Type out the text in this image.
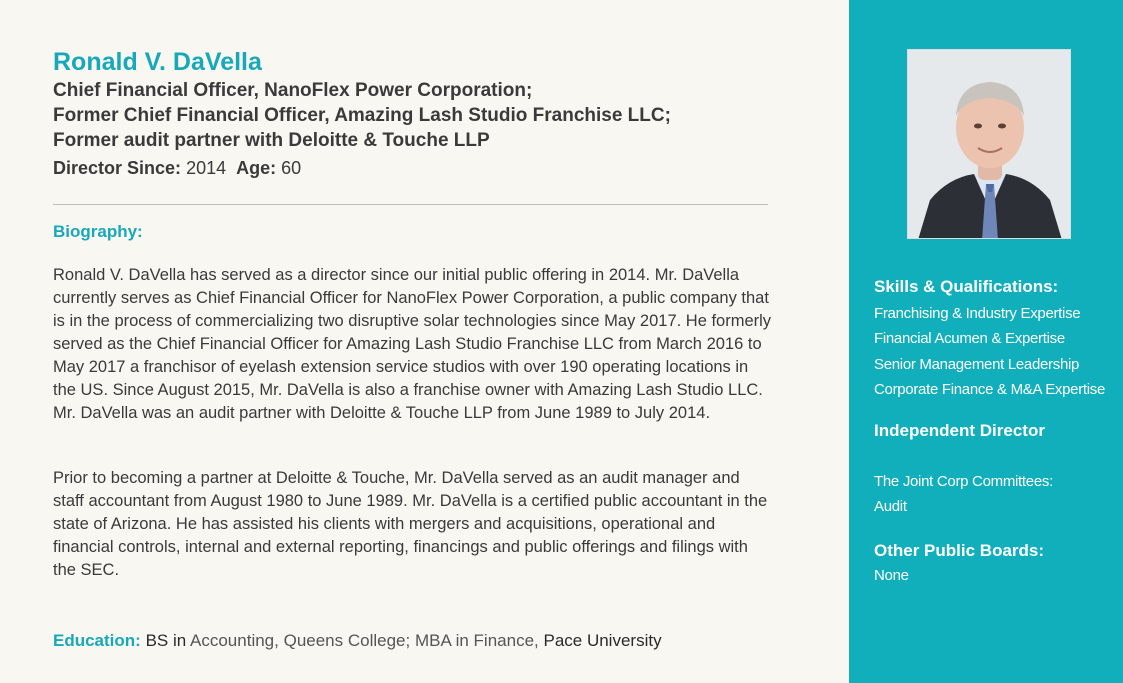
Ronald V. DaVella
Chief Financial Officer, NanoFlex Power Corporation;
Former Chief Financial Officer, Amazing Lash Studio Franchise LLC;
Former audit partner with Deloitte & Touche LLP
Director Since: 2014 Age: 60
Biography:

Ronald V. DaVella has served as a director since our initial public offering in 2014. Mr. DaVella currently serves as Chief Financial Officer for NanoFlex Power Corporation, a public company that is in the process of commercializing two disruptive solar technologies since May 2017. He formerly served as the Chief Financial Officer for Amazing Lash Studio Franchise LLC from March 2016 to May 2017 a franchisor of eyelash extension service studios with over 190 operating locations in the US. Since August 2015, Mr. DaVella is also a franchise owner with Amazing Lash Studio LLC. Mr. DaVella was an audit partner with Deloitte & Touche LLP from June 1989 to July 2014.

Prior to becoming a partner at Deloitte & Touche, Mr. DaVella served as an audit manager and staff accountant from August 1980 to June 1989. Mr. DaVella is a certified public accountant in the state of Arizona. He has assisted his clients with mergers and acquisitions, operational and financial controls, internal and external reporting, financings and public offerings and filings with the SEC.

Education: BS in Accounting, Queens College; MBA in Finance, Pace University
Skills & Qualifications:
Franchising & Industry Expertise
Financial Acumen & Expertise
Senior Management Leadership
Corporate Finance & M&A Expertise
Independent Director
The Joint Corp Committees:
Audit
Other Public Boards:
None
